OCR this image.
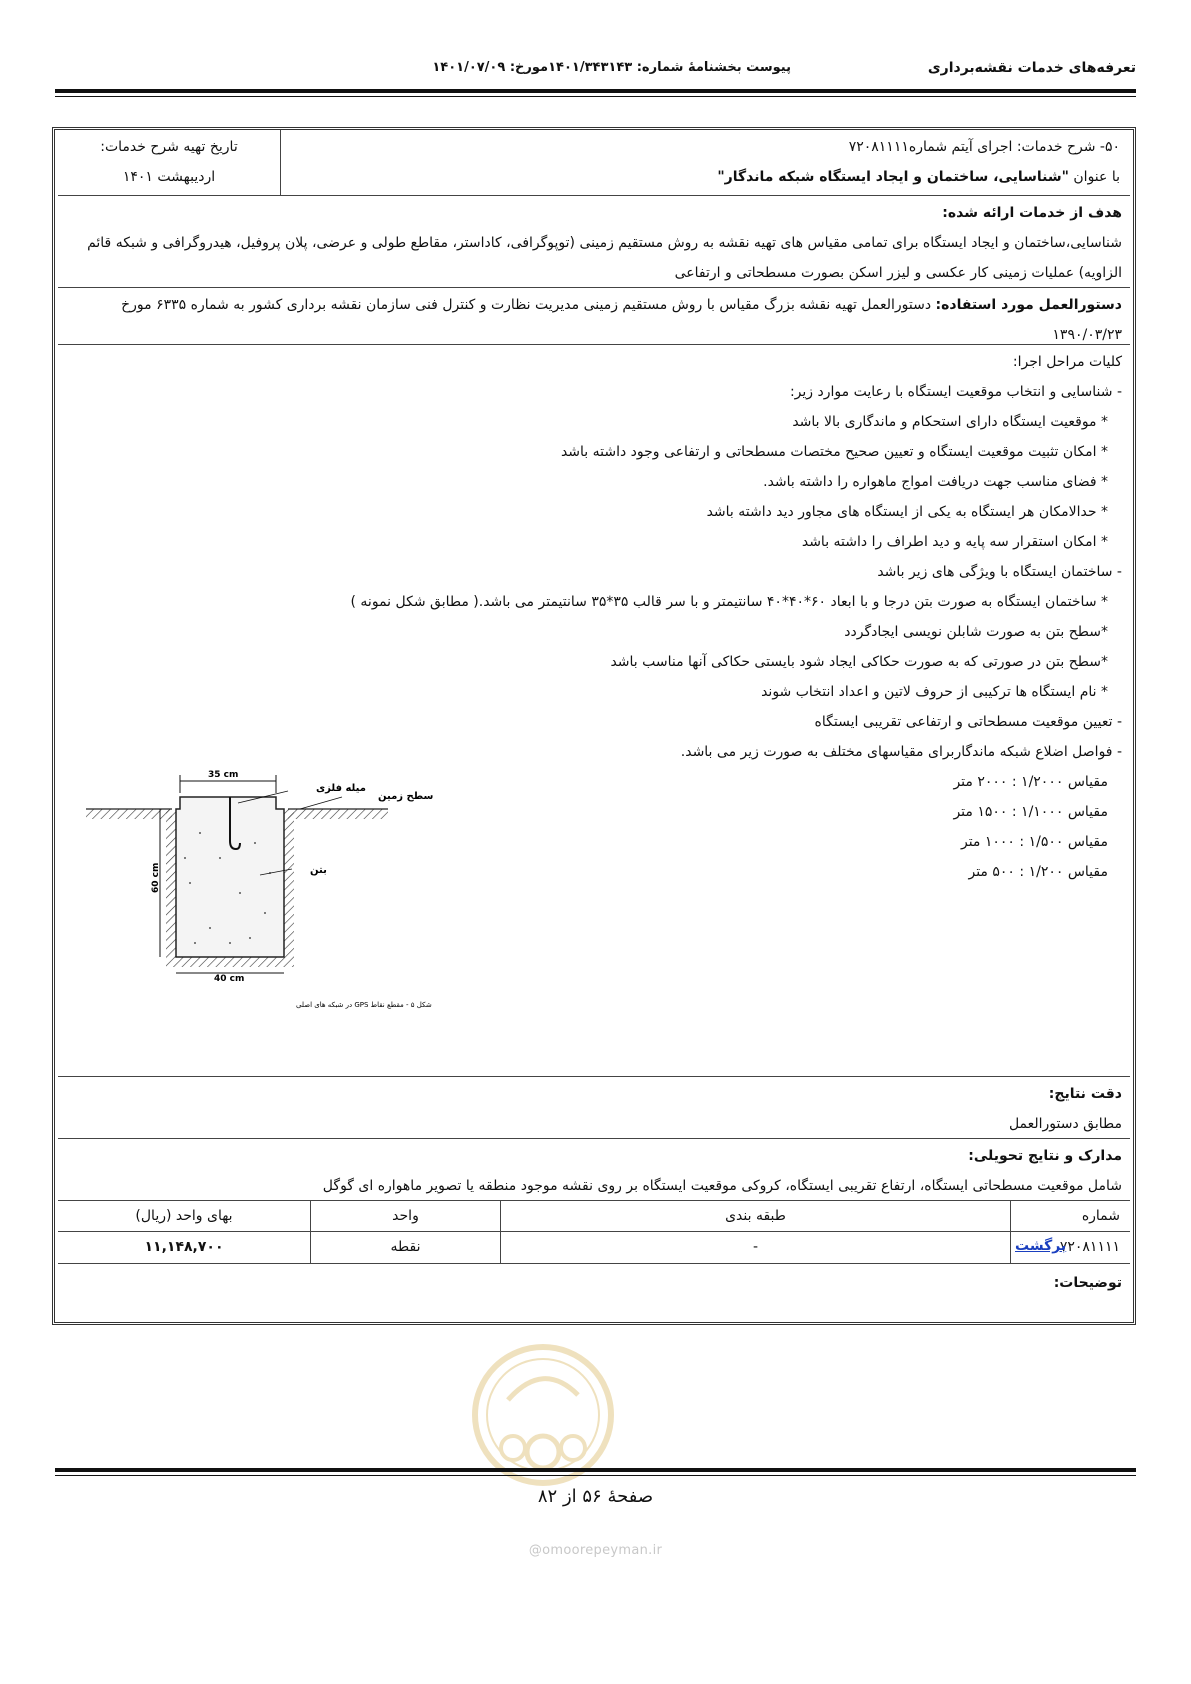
تعرفه‌های خدمات نقشه‌برداری
پیوست بخشنامهٔ شماره: ۱۴۰۱/۳۴۳۱۴۳مورخ: ۱۴۰۱/۰۷/۰۹
۵۰- شرح خدمات: اجرای آیتم شماره۷۲۰۸۱۱۱۱
با عنوان "شناسایی، ساختمان و ایجاد ایستگاه شبکه ماندگار"
تاریخ تهیه شرح خدمات:
اردیبهشت ۱۴۰۱
هدف از خدمات ارائه شده:
شناسایی،ساختمان و ایجاد ایستگاه برای تمامی مقیاس های تهیه نقشه به روش مستقیم زمینی (توپوگرافی، کاداستر، مقاطع طولی و عرضی، پلان پروفیل، هیدروگرافی و شبکه قائم الزاویه) عملیات زمینی کار عکسی و لیزر اسکن بصورت مسطحاتی و ارتفاعی
دستورالعمل مورد استفاده: دستورالعمل تهیه نقشه بزرگ مقیاس با روش مستقیم زمینی مدیریت نظارت و کنترل فنی سازمان نقشه برداری کشور به شماره ۶۳۳۵ مورخ ۱۳۹۰/۰۳/۲۳
کلیات مراحل اجرا:
- شناسایی و انتخاب موقعیت ایستگاه با رعایت موارد زیر:
* موقعیت ایستگاه دارای استحکام و ماندگاری بالا باشد
* امکان تثبیت موقعیت ایستگاه و تعیین صحیح مختصات مسطحاتی و ارتفاعی وجود داشته باشد
* فضای مناسب جهت دریافت امواج ماهواره را داشته باشد.
* حدالامکان هر ایستگاه به یکی از ایستگاه های مجاور دید داشته باشد
* امکان استقرار سه پایه و دید اطراف را داشته باشد
- ساختمان ایستگاه با ویژگی های زیر باشد
* ساختمان ایستگاه به صورت بتن درجا و با ابعاد ۶۰*۴۰*۴۰ سانتیمتر و با سر قالب ۳۵*۳۵ سانتیمتر می باشد.( مطابق شکل نمونه )
*سطح بتن به صورت شابلن نویسی ایجادگردد
*سطح بتن در صورتی که به صورت حکاکی ایجاد شود بایستی حکاکی آنها مناسب باشد
* نام ایستگاه ها ترکیبی از حروف لاتین و اعداد انتخاب شوند
- تعیین موقعیت مسطحاتی و ارتفاعی تقریبی ایستگاه
- فواصل اضلاع شبکه ماندگاربرای مقیاسهای مختلف به صورت زیر می باشد.
مقیاس ۱/۲۰۰۰ : ۲۰۰۰ متر
مقیاس ۱/۱۰۰۰ : ۱۵۰۰ متر
مقیاس ۱/۵۰۰ : ۱۰۰۰ متر
مقیاس ۱/۲۰۰ : ۵۰۰ متر
35 cm
40 cm
60 cm
میله فلزی
سطح زمین
بتن
شکل ۵ - مقطع نقاط GPS در شبکه های اصلی
دقت نتایج:
مطابق دستورالعمل
مدارک و نتایج تحویلی:
شامل موقعیت مسطحاتی ایستگاه، ارتفاع تقریبی ایستگاه، کروکی موقعیت ایستگاه بر روی نقشه موجود منطقه یا تصویر ماهواره ای گوگل
شماره
طبقه بندی
واحد
بهای واحد (ریال)
۷۲۰۸۱۱۱۱
-
نقطه
۱۱,۱۴۸,۷۰۰
توضیحات:
برگشت
صفحهٔ ۵۶ از ۸۲
@omoorepeyman.ir
